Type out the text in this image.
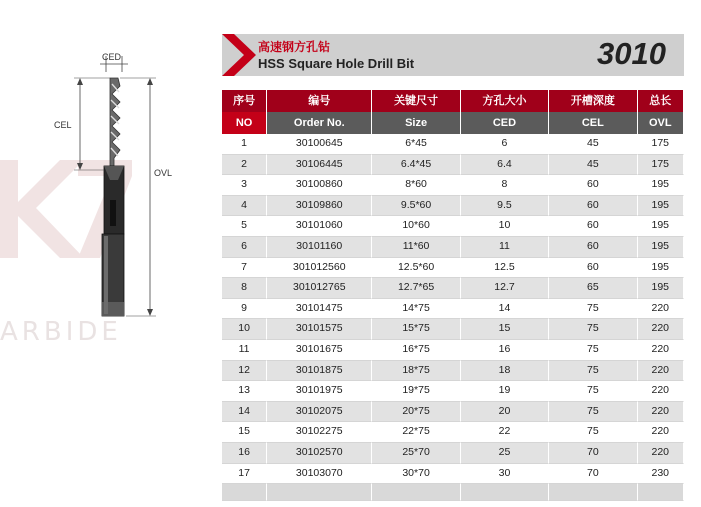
ARBIDE
CED
CEL
OVL
高速钢方孔钻
HSS Square Hole Drill Bit	3010
序号	编号	关键尺寸	方孔大小	开槽深度	总长
NO	Order No.	Size	CED	CEL	OVL
1	30100645	6*45	6	45	175
2	30106445	6.4*45	6.4	45	175
3	30100860	8*60	8	60	195
4	30109860	9.5*60	9.5	60	195
5	30101060	10*60	10	60	195
6	30101160	11*60	11	60	195
7	301012560	12.5*60	12.5	60	195
8	301012765	12.7*65	12.7	65	195
9	30101475	14*75	14	75	220
10	30101575	15*75	15	75	220
11	30101675	16*75	16	75	220
12	30101875	18*75	18	75	220
13	30101975	19*75	19	75	220
14	30102075	20*75	20	75	220
15	30102275	22*75	22	75	220
16	30102570	25*70	25	70	220
17	30103070	30*70	30	70	230
